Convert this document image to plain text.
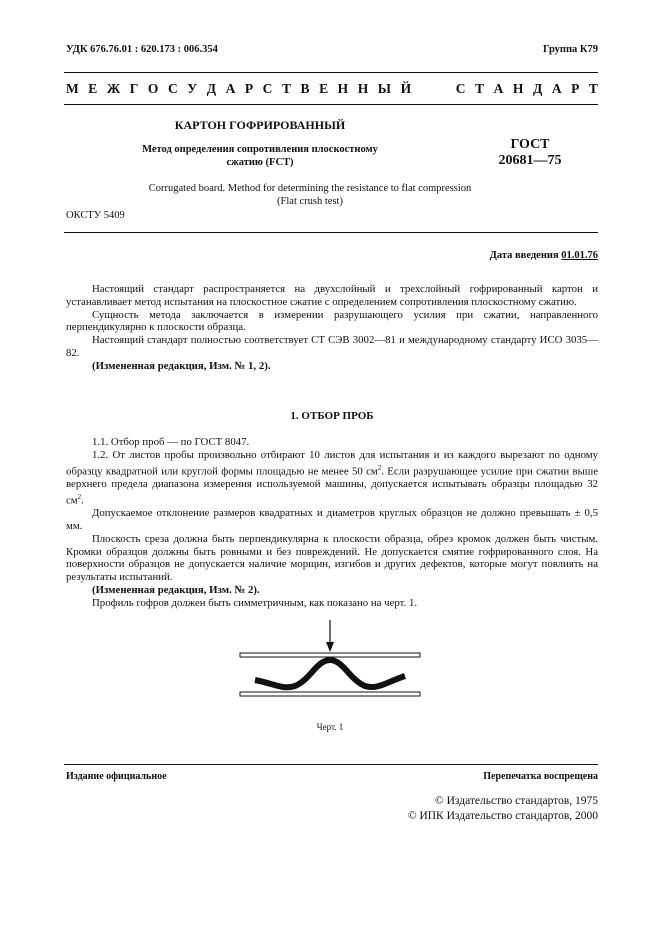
УДК 676.76.01 : 620.173 : 006.354	Группа К79
М Е Ж Г О С У Д А Р С Т В Е Н Н Ы Й	С Т А Н Д А Р Т
КАРТОН ГОФРИРОВАННЫЙ
Метод определения сопротивления плоскостному
сжатию (FCT)
ГОСТ
20681—75
Corrugated board. Method for determining the resistance to flat compression
(Flat crush test)
ОКСТУ 5409
Дата введения 01.01.76

Настоящий стандарт распространяется на двухслойный и трехслойный гофрированный картон и устанавливает метод испытания на плоскостное сжатие с определением сопротивления плоскостному сжатию.

Сущность метода заключается в измерении разрушающего усилия при сжатии, направленного перпендикулярно к плоскости образца.

Настоящий стандарт полностью соответствует СТ СЭВ 3002—81 и международному стандарту ИСО 3035—82.

(Измененная редакция, Изм. № 1, 2).

1. ОТБОР ПРОБ

1.1. Отбор проб — по ГОСТ 8047.

1.2. От листов пробы произвольно отбирают 10 листов для испытания и из каждого вырезают по одному образцу квадратной или круглой формы площадью не менее 50 $см^2$. Если разрушающее усилие при сжатии выше верхнего предела диапазона измерения используемой машины, допускается испытывать образцы площадью 32 $см^2$.

Допускаемое отклонение размеров квадратных и диаметров круглых образцов не должно превышать ± 0,5 мм.

Плоскость среза должна быть перпендикулярна к плоскости образца, обрез кромок должен быть чистым. Кромки образцов должны быть ровными и без повреждений. Не допускается смятие гофрированного слоя. На поверхности образцов не допускается наличие морщин, изгибов и других дефектов, которые могут повлиять на результаты испытаний.

(Измененная редакция, Изм. № 2).

Профиль гофров должен быть симметричным, как показано на черт. 1.

Черт. 1
Издание официальное	Перепечатка воспрещена
© Издательство стандартов, 1975
© ИПК Издательство стандартов, 2000
